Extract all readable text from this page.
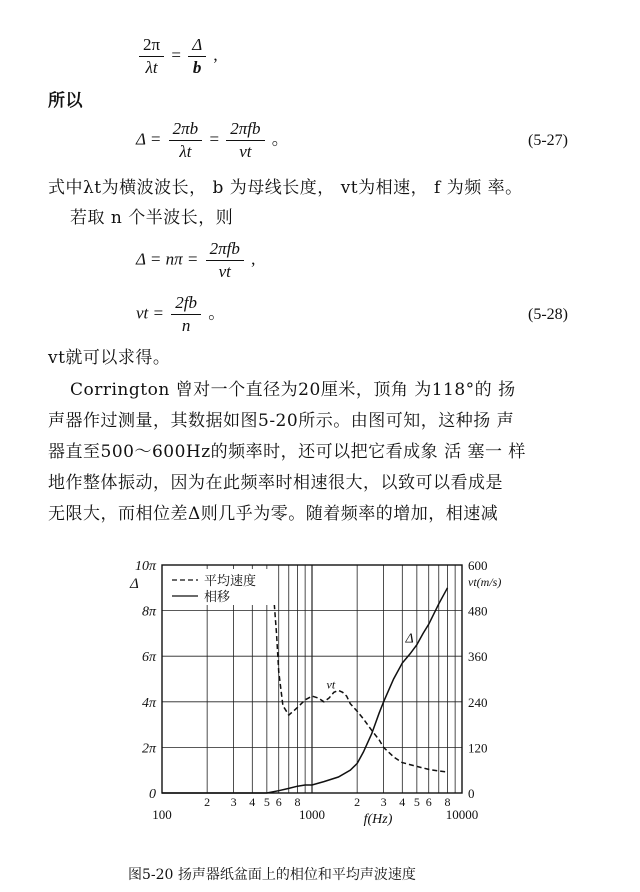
$\frac{2\pi}{\lambda t} = \frac{\Delta}{b}$ ,
所以
$\Delta = \frac{2\pi b}{\lambda t} = \frac{\text{2πfb}}{vt}$ 。	(5-27)
式中λt为横波波长， b 为母线长度， vt为相速， f 为频 率。
若取 n 个半波长，则
$\Delta = n\pi = \frac{\text{2πfb}}{vt}$ ,
vt = $\frac{2fb}{n}$ 。	(5-28)
vt就可以求得。
Corrington 曾对一个直径为20厘米，顶角 为118°的 扬
声器作过测量，其数据如图5-20所示。由图可知，这种扬 声
器直至500～600Hz的频率时，还可以把它看成象 活 塞一 样
地作整体振动，因为在此频率时相速很大，以致可以看成是
无限大，而相位差Δ则几乎为零。随着频率的增加，相速减
0
2π
4π
6π
8π
10π
0
120
240
360
480
600
Δ	vt(m/s)
100	1000	10000
2 3 4 5 6 8	2 3 4 5 6 8
f(Hz)
平均速度
相移
vt
Δ
图5-20 扬声器纸盆面上的相位和平均声波速度
